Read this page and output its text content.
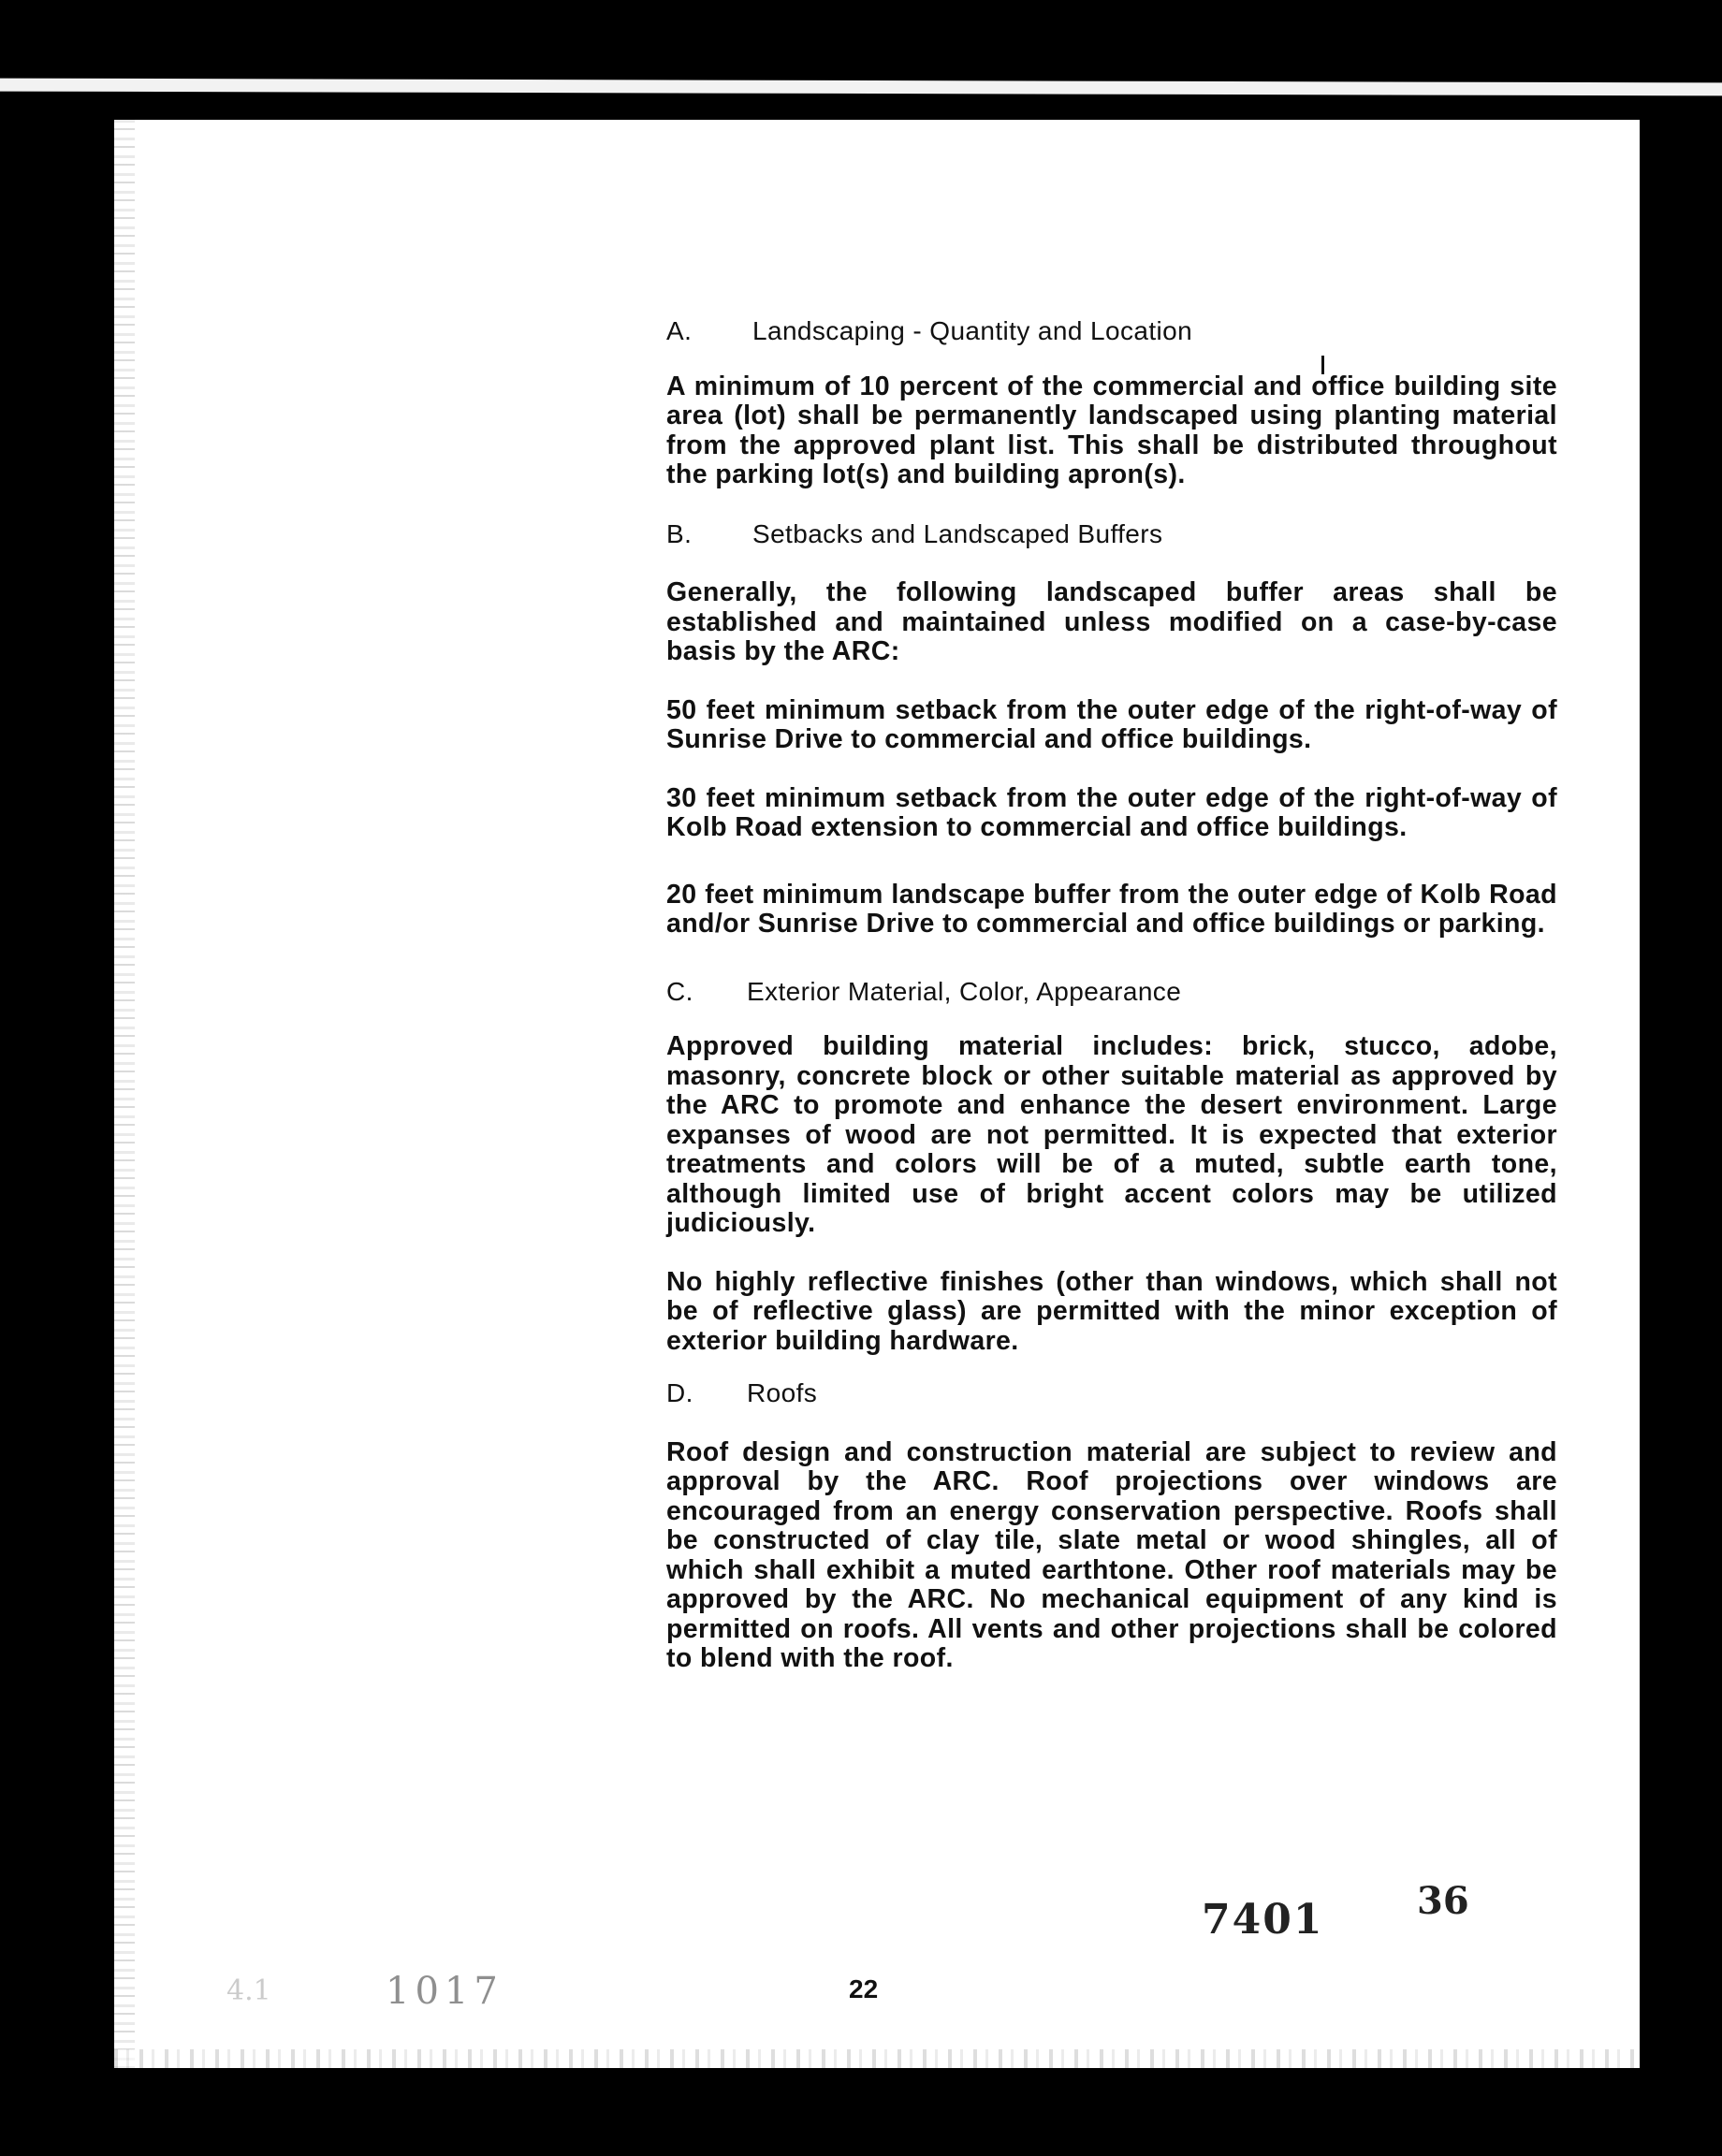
A.	Landscaping - Quantity and Location

A minimum of 10 percent of the commercial and office building site area (lot) shall be permanently landscaped using planting material from the approved plant list. This shall be distributed throughout the parking lot(s) and building apron(s).

B.	Setbacks and Landscaped Buffers

Generally, the following landscaped buffer areas shall be established and maintained unless modified on a case-by-case basis by the ARC:

50 feet minimum setback from the outer edge of the right-of-way of Sunrise Drive to commercial and office buildings.

30 feet minimum setback from the outer edge of the right-of-way of Kolb Road extension to commercial and office buildings.

20 feet minimum landscape buffer from the outer edge of Kolb Road and/or Sunrise Drive to commercial and office buildings or parking.

C.	Exterior Material, Color, Appearance

Approved building material includes: brick, stucco, adobe, masonry, concrete block or other suitable material as approved by the ARC to promote and enhance the desert environment. Large expanses of wood are not permitted. It is expected that exterior treatments and colors will be of a muted, subtle earth tone, although limited use of bright accent colors may be utilized judiciously.

No highly reflective finishes (other than windows, which shall not be of reflective glass) are permitted with the minor exception of exterior building hardware.

D.	Roofs

Roof design and construction material are subject to review and approval by the ARC. Roof projections over windows are encouraged from an energy conservation perspective. Roofs shall be constructed of clay tile, slate metal or wood shingles, all of which shall exhibit a muted earthtone. Other roof materials may be approved by the ARC. No mechanical equipment of any kind is permitted on roofs. All vents and other projections shall be colored to blend with the roof.

7401 36
1017
4.1	22
